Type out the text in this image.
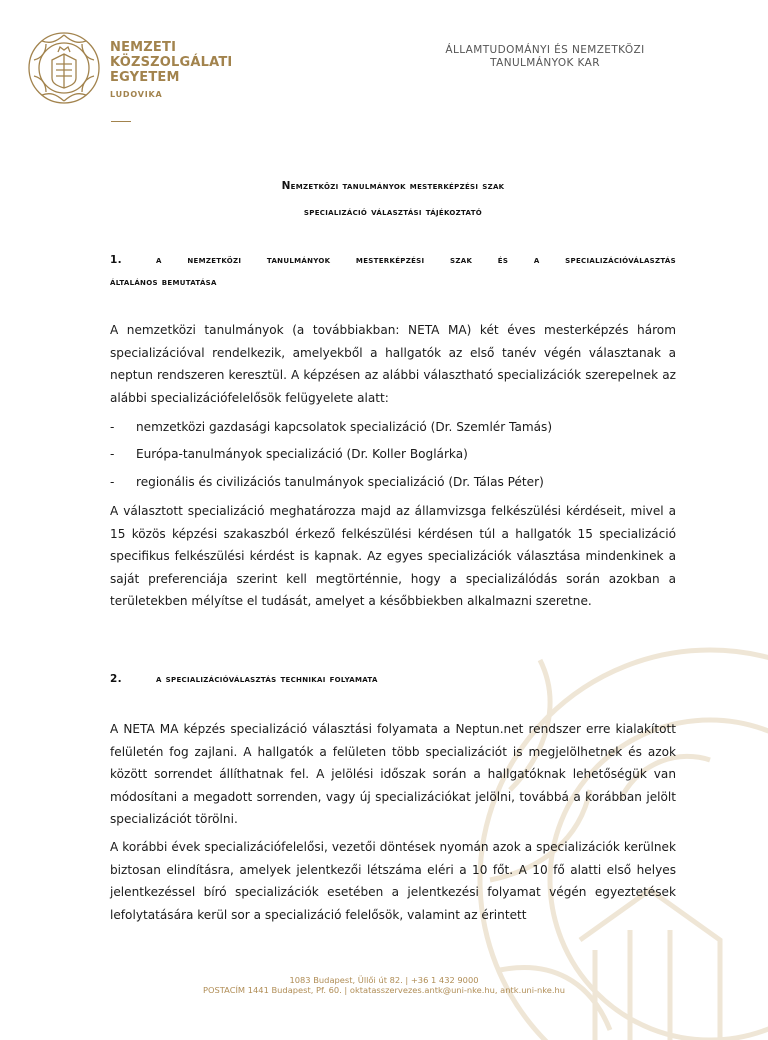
NEMZETI
KÖZSZOLGÁLATI
EGYETEM
LUDOVIKA
ÁLLAMTUDOMÁNYI ÉS NEMZETKÖZI
TANULMÁNYOK KAR
Nemzetközi tanulmányok mesterképzési szak
specializáció választási tájékoztató
1.	a nemzetközi tanulmányok mesterképzési szak és a specializációválasztás
általános bemutatása
A nemzetközi tanulmányok (a továbbiakban: NETA MA) két éves mesterképzés három specializációval rendelkezik, amelyekből a hallgatók az első tanév végén választanak a neptun rendszeren keresztül. A képzésen az alábbi választható specializációk szerepelnek az alábbi specializációfelelősök felügyelete alatt:
- nemzetközi gazdasági kapcsolatok specializáció (Dr. Szemlér Tamás)
- Európa-tanulmányok specializáció (Dr. Koller Boglárka)
- regionális és civilizációs tanulmányok specializáció (Dr. Tálas Péter)
A választott specializáció meghatározza majd az államvizsga felkészülési kérdéseit, mivel a 15 közös képzési szakaszból érkező felkészülési kérdésen túl a hallgatók 15 specializáció specifikus felkészülési kérdést is kapnak. Az egyes specializációk választása mindenkinek a saját preferenciája szerint kell megtörténnie, hogy a specializálódás során azokban a területekben mélyítse el tudását, amelyet a későbbiekben alkalmazni szeretne.
2.	a specializációválasztás technikai folyamata
A NETA MA képzés specializáció választási folyamata a Neptun.net rendszer erre kialakított felületén fog zajlani. A hallgatók a felületen több specializációt is megjelölhetnek és azok között sorrendet állíthatnak fel. A jelölési időszak során a hallgatóknak lehetőségük van módosítani a megadott sorrenden, vagy új specializációkat jelölni, továbbá a korábban jelölt specializációt törölni.
A korábbi évek specializációfelelősi, vezetői döntések nyomán azok a specializációk kerülnek biztosan elindításra, amelyek jelentkezői létszáma eléri a 10 főt. A 10 fő alatti első helyes jelentkezéssel bíró specializációk esetében a jelentkezési folyamat végén egyeztetések lefolytatására kerül sor a specializáció felelősök, valamint az érintett
1083 Budapest, Üllői út 82. | +36 1 432 9000
POSTACÍM 1441 Budapest, Pf. 60. | oktatasszervezes.antk@uni-nke.hu, antk.uni-nke.hu
